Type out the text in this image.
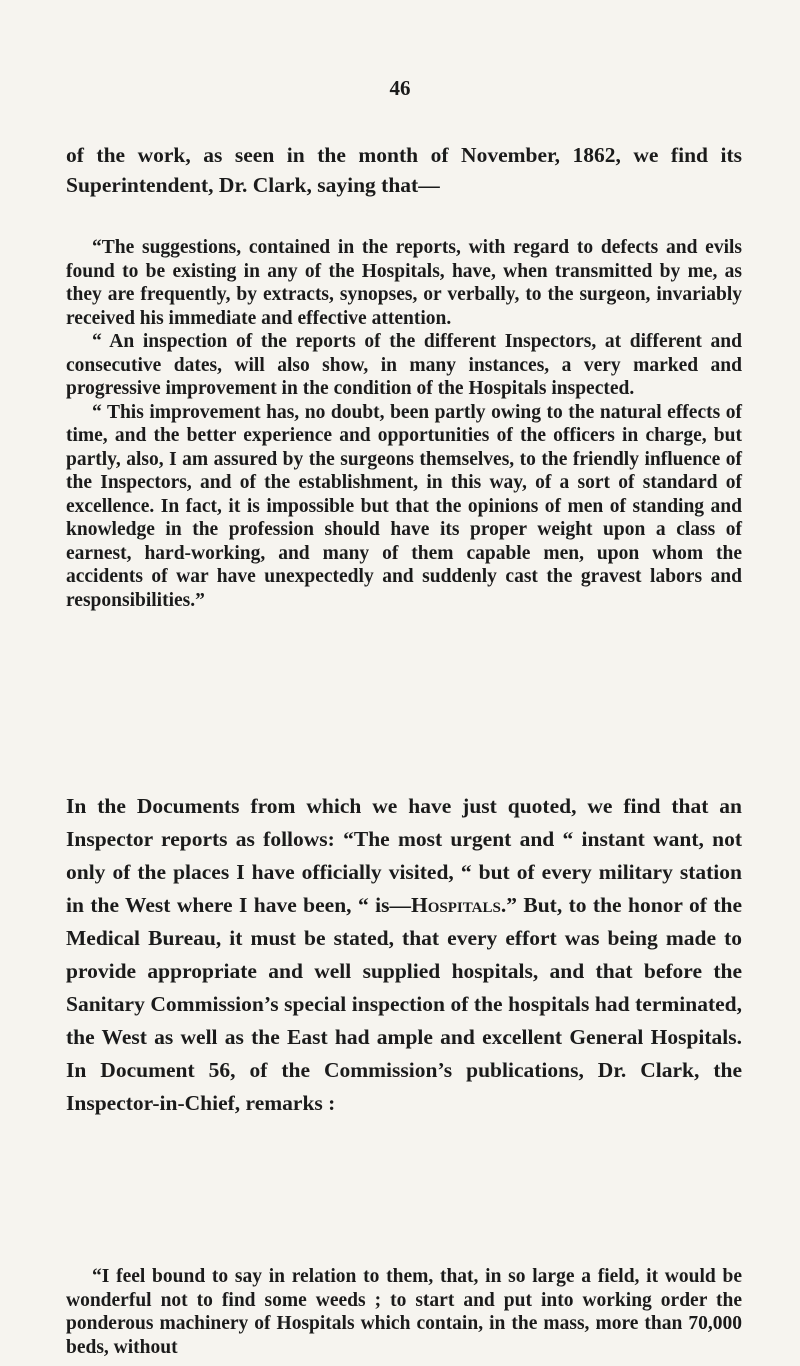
46

of the work, as seen in the month of November, 1862, we find its Superintendent, Dr. Clark, saying that—

“The suggestions, contained in the reports, with regard to defects and evils found to be existing in any of the Hospitals, have, when transmitted by me, as they are frequently, by extracts, synopses, or verbally, to the surgeon, invariably received his immediate and effective attention.

“ An inspection of the reports of the different Inspectors, at different and consecutive dates, will also show, in many instances, a very marked and progressive improvement in the condition of the Hospitals inspected.

“ This improvement has, no doubt, been partly owing to the natural effects of time, and the better experience and opportunities of the officers in charge, but partly, also, I am assured by the surgeons themselves, to the friendly influence of the Inspectors, and of the establishment, in this way, of a sort of standard of excellence. In fact, it is impossible but that the opinions of men of standing and knowledge in the profession should have its proper weight upon a class of earnest, hard-working, and many of them capable men, upon whom the accidents of war have unexpectedly and suddenly cast the gravest labors and responsibilities.”

In the Documents from which we have just quoted, we find that an Inspector reports as follows: “The most urgent and “ instant want, not only of the places I have officially visited, “ but of every military station in the West where I have been, “ is—Hospitals.” But, to the honor of the Medical Bureau, it must be stated, that every effort was being made to provide appropriate and well supplied hospitals, and that before the Sanitary Commission’s special inspection of the hospitals had terminated, the West as well as the East had ample and excellent General Hospitals. In Document 56, of the Commission’s publications, Dr. Clark, the Inspector-in-Chief, remarks :

“I feel bound to say in relation to them, that, in so large a field, it would be wonderful not to find some weeds ; to start and put into working order the ponderous machinery of Hospitals which contain, in the mass, more than 70,000 beds, without
